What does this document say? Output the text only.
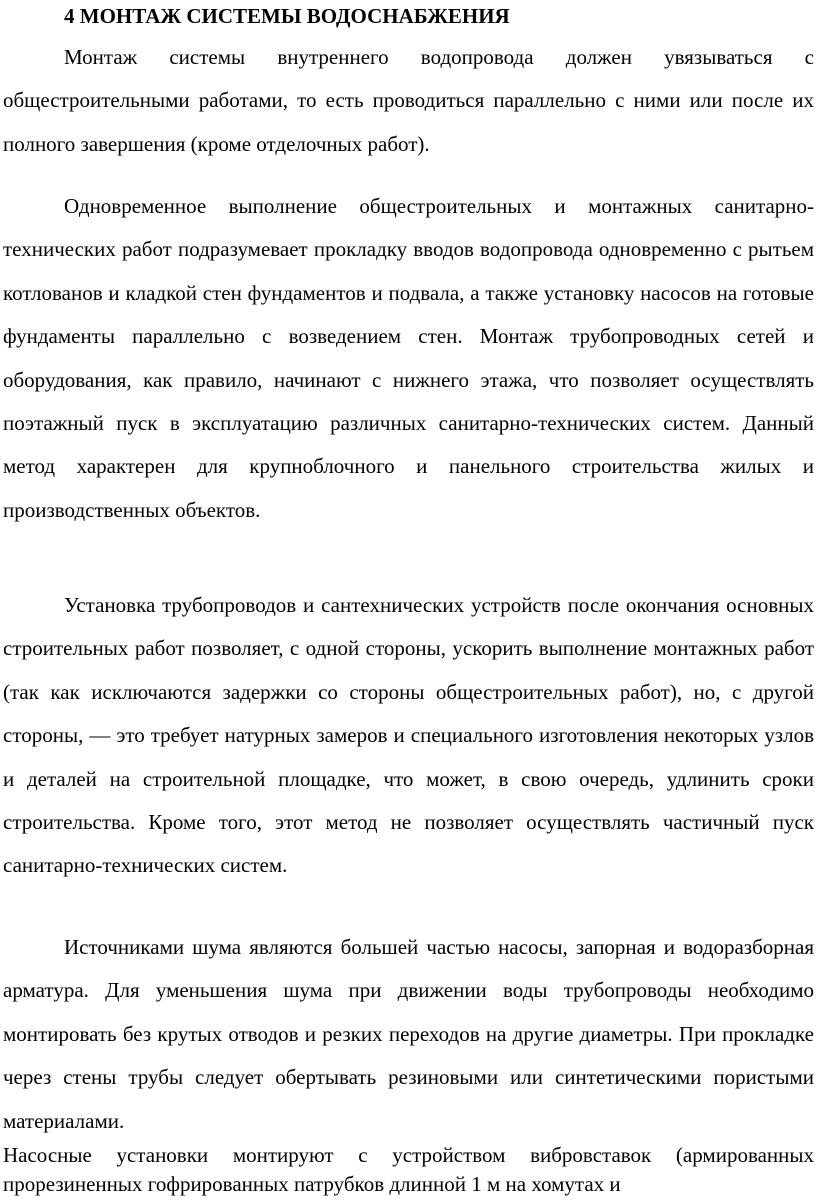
4 МОНТАЖ СИСТЕМЫ ВОДОСНАБЖЕНИЯ

Монтаж системы внутреннего водопровода должен увязываться с общестроительными работами, то есть проводиться параллельно с ними или после их полного завершения (кроме отделочных работ).

Одновременное выполнение общестроительных и монтажных санитарно-технических работ подразумевает прокладку вводов водопровода одновременно с рытьем котлованов и кладкой стен фундаментов и подвала, а также установку насосов на готовые фундаменты параллельно с возведением стен. Монтаж трубопроводных сетей и оборудования, как правило, начинают с нижнего этажа, что позволяет осуществлять поэтажный пуск в эксплуатацию различных санитарно-технических систем. Данный метод характерен для крупноблочного и панельного строительства жилых и производственных объектов.

Установка трубопроводов и сантехнических устройств после окончания основных строительных работ позволяет, с одной стороны, ускорить выполнение монтажных работ (так как исключаются задержки со стороны общестроительных работ), но, с другой стороны, — это требует натурных замеров и специального изготовления некоторых узлов и деталей на строительной площадке, что может, в свою очередь, удлинить сроки строительства. Кроме того, этот метод не позволяет осуществлять частичный пуск санитарно-технических систем.

Источниками шума являются большей частью насосы, запорная и водоразборная арматура. Для уменьшения шума при движении воды трубопроводы необходимо монтировать без крутых отводов и резких переходов на другие диаметры. При прокладке через стены трубы следует обертывать резиновыми или синтетическими пористыми материалами.

Насосные установки монтируют с устройством вибровставок (армированных прорезиненных гофрированных патрубков длинной 1 м на хомутах и
